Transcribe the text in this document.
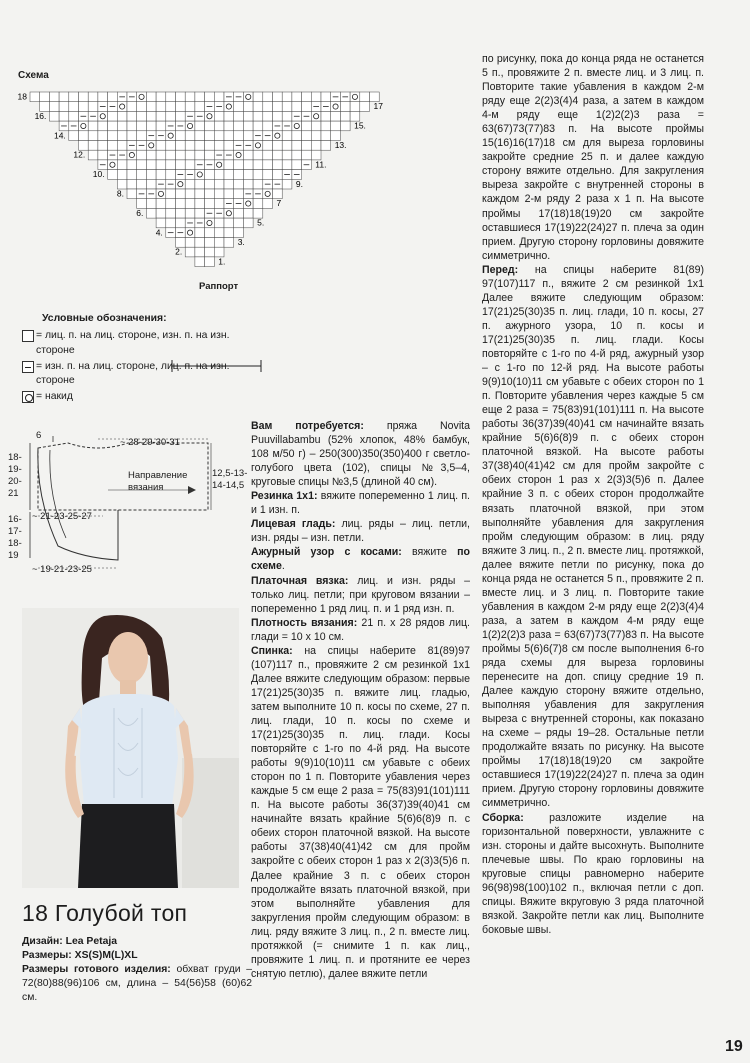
Схема
18
16.
14.
12.
10.
8.
6.
4.
2.
17
15.
13.
11.
9.
7
5.
3.
1.
Раппорт
Условные обозначения:
= лиц. п. на лиц. стороне, изн. п. на изн. стороне
= изн. п. на лиц. стороне, лиц. п. на изн. стороне
= накид
6
~ 28-29-30-31
18-
19-
20-
21
16-
17-
18-
19
12,5-13-
14-14,5
Направление
вязания
~ 21-23-25-27
~ 19-21-23-25
18 Голубой топ
Дизайн: Lea Petaja
Размеры: XS(S)M(L)XL
Размеры готового изделия: обхват груди – 72(80)88(96)106 см, длина – 54(56)58 (60)62 см.

Вам потребуется: пряжа Novita Puuvillabambu (52% хлопок, 48% бамбук, 108 м/50 г) – 250(300)350(350)400 г светло-голубого цвета (102), спицы №3,5–4, круговые спицы №3,5 (длиной 40 см).

Резинка 1x1: вяжите попеременно 1 лиц. п. и 1 изн. п.

Лицевая гладь: лиц. ряды – лиц. петли, изн. ряды – изн. петли.

Ажурный узор с косами: вяжите по схеме.

Платочная вязка: лиц. и изн. ряды – только лиц. петли; при круговом вязании – попеременно 1 ряд лиц. п. и 1 ряд изн. п.

Плотность вязания: 21 п. x 28 рядов лиц. глади = 10 x 10 см.

Спинка: на спицы наберите 81(89)97 (107)117 п., провяжите 2 см резинкой 1x1 Далее вяжите следующим образом: первые 17(21)25(30)35 п. вяжите лиц. гладью, затем выполните 10 п. косы по схеме, 27 п. лиц. глади, 10 п. косы по схеме и 17(21)25(30)35 п. лиц. глади. Косы повторяйте с 1-го по 4-й ряд. На высоте работы 9(9)10(10)11 см убавьте с обеих сторон по 1 п. Повторите убавления через каждые 5 см еще 2 раза = 75(83)91(101)111 п. На высоте работы 36(37)39(40)41 см начинайте вязать крайние 5(6)6(8)9 п. с обеих сторон платочной вязкой. На высоте работы 37(38)40(41)42 см для пройм закройте с обеих сторон 1 раз x 2(3)3(5)6 п. Далее крайние 3 п. с обеих сторон продолжайте вязать платочной вязкой, при этом выполняйте убавления для закругления пройм следующим образом: в лиц. ряду вяжите 3 лиц. п., 2 п. вместе лиц. протяжкой (= снимите 1 п. как лиц., провяжите 1 лиц. п. и протяните ее через снятую петлю), далее вяжите петли

по рисунку, пока до конца ряда не останется 5 п., провяжите 2 п. вместе лиц. и 3 лиц. п. Повторите такие убавления в каждом 2-м ряду еще 2(2)3(4)4 раза, а затем в каждом 4-м ряду еще 1(2)2(2)3 раза = 63(67)73(77)83 п. На высоте проймы 15(16)16(17)18 см для выреза горловины закройте средние 25 п. и далее каждую сторону вяжите отдельно. Для закругления выреза закройте с внутренней стороны в каждом 2-м ряду 2 раза x 1 п. На высоте проймы 17(18)18(19)20 см закройте оставшиеся 17(19)22(24)27 п. плеча за один прием. Другую сторону горловины довяжите симметрично.

Перед: на спицы наберите 81(89) 97(107)117 п., вяжите 2 см резинкой 1x1 Далее вяжите следующим образом: 17(21)25(30)35 п. лиц. глади, 10 п. косы, 27 п. ажурного узора, 10 п. косы и 17(21)25(30)35 п. лиц. глади. Косы повторяйте с 1-го по 4-й ряд, ажурный узор – с 1-го по 12-й ряд. На высоте работы 9(9)10(10)11 см убавьте с обеих сторон по 1 п. Повторите убавления через каждые 5 см еще 2 раза = 75(83)91(101)111 п. На высоте работы 36(37)39(40)41 см начинайте вязать крайние 5(6)6(8)9 п. с обеих сторон платочной вязкой. На высоте работы 37(38)40(41)42 см для пройм закройте с обеих сторон 1 раз x 2(3)3(5)6 п. Далее крайние 3 п. с обеих сторон продолжайте вязать платочной вязкой, при этом выполняйте убавления для закругления пройм следующим образом: в лиц. ряду вяжите 3 лиц. п., 2 п. вместе лиц. протяжкой, далее вяжите петли по рисунку, пока до конца ряда не останется 5 п., провяжите 2 п. вместе лиц. и 3 лиц. п. Повторите такие убавления в каждом 2-м ряду еще 2(2)3(4)4 раза, а затем в каждом 4-м ряду еще 1(2)2(2)3 раза = 63(67)73(77)83 п. На высоте проймы 5(6)6(7)8 см после выполнения 6-го ряда схемы для выреза горловины перенесите на доп. спицу средние 19 п. Далее каждую сторону вяжите отдельно, выполняя убавления для закругления выреза с внутренней стороны, как показано на схеме – ряды 19–28. Остальные петли продолжайте вязать по рисунку. На высоте проймы 17(18)18(19)20 см закройте оставшиеся 17(19)22(24)27 п. плеча за один прием. Другую сторону горловины довяжите симметрично.

Сборка: разложите изделие на горизонтальной поверхности, увлажните с изн. стороны и дайте высохнуть. Выполните плечевые швы. По краю горловины на круговые спицы равномерно наберите 96(98)98(100)102 п., включая петли с доп. спицы. Вяжите вкруговую 3 ряда платочной вязкой. Закройте петли как лиц. Выполните боковые швы.

19
